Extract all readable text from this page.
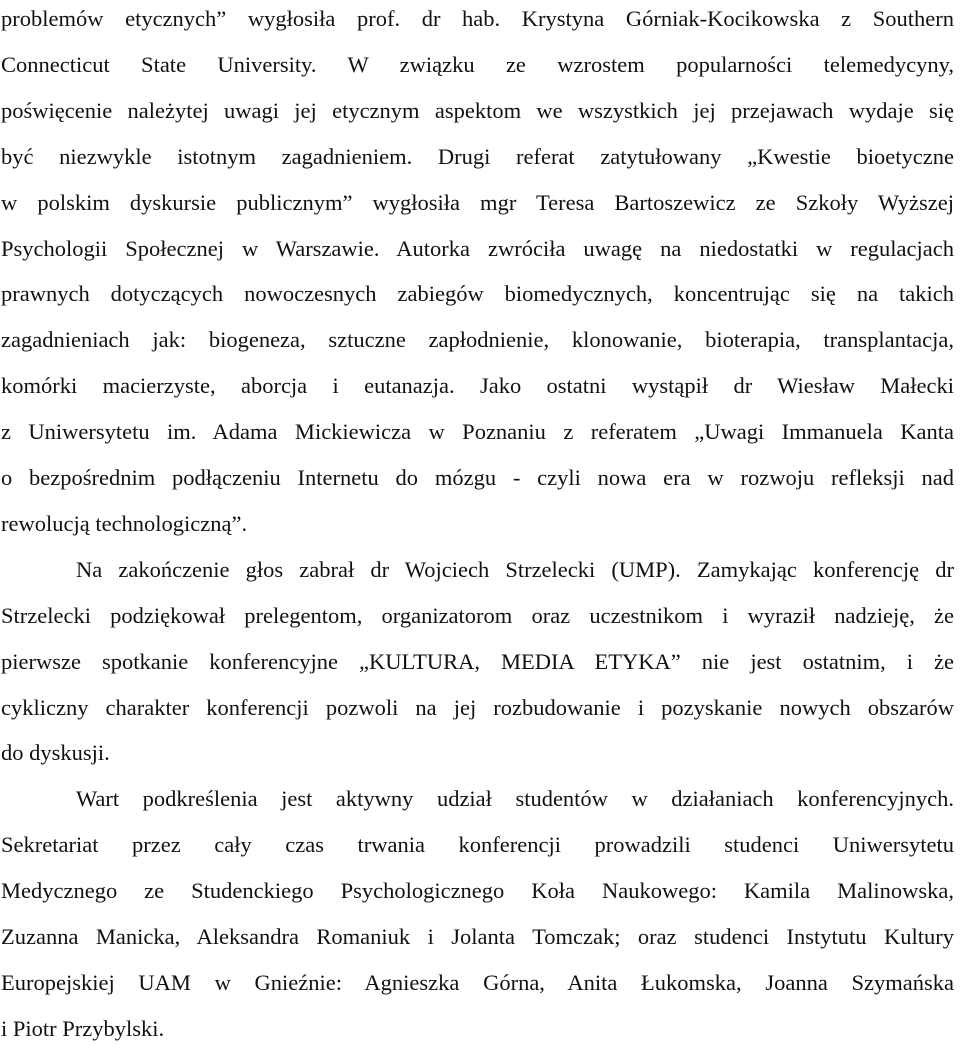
problemów etycznych” wygłosiła prof. dr hab. Krystyna Górniak-Kocikowska z Southern
Connecticut State University. W związku ze wzrostem popularności telemedycyny,
poświęcenie należytej uwagi jej etycznym aspektom we wszystkich jej przejawach wydaje się
być niezwykle istotnym zagadnieniem. Drugi referat zatytułowany „Kwestie bioetyczne
w polskim dyskursie publicznym” wygłosiła mgr Teresa Bartoszewicz ze Szkoły Wyższej
Psychologii Społecznej w Warszawie. Autorka zwróciła uwagę na niedostatki w regulacjach
prawnych dotyczących nowoczesnych zabiegów biomedycznych, koncentrując się na takich
zagadnieniach jak: biogeneza, sztuczne zapłodnienie, klonowanie, bioterapia, transplantacja,
komórki macierzyste, aborcja i eutanazja. Jako ostatni wystąpił dr Wiesław Małecki
z Uniwersytetu im. Adama Mickiewicza w Poznaniu z referatem „Uwagi Immanuela Kanta
o bezpośrednim podłączeniu Internetu do mózgu - czyli nowa era w rozwoju refleksji nad
rewolucją technologiczną”.
Na zakończenie głos zabrał dr Wojciech Strzelecki (UMP). Zamykając konferencję dr
Strzelecki podziękował prelegentom, organizatorom oraz uczestnikom i wyraził nadzieję, że
pierwsze spotkanie konferencyjne „KULTURA, MEDIA ETYKA” nie jest ostatnim, i że
cykliczny charakter konferencji pozwoli na jej rozbudowanie i pozyskanie nowych obszarów
do dyskusji.
Wart podkreślenia jest aktywny udział studentów w działaniach konferencyjnych.
Sekretariat przez cały czas trwania konferencji prowadzili studenci Uniwersytetu
Medycznego ze Studenckiego Psychologicznego Koła Naukowego: Kamila Malinowska,
Zuzanna Manicka, Aleksandra Romaniuk i Jolanta Tomczak; oraz studenci Instytutu Kultury
Europejskiej UAM w Gnieźnie: Agnieszka Górna, Anita Łukomska, Joanna Szymańska
i Piotr Przybylski.
